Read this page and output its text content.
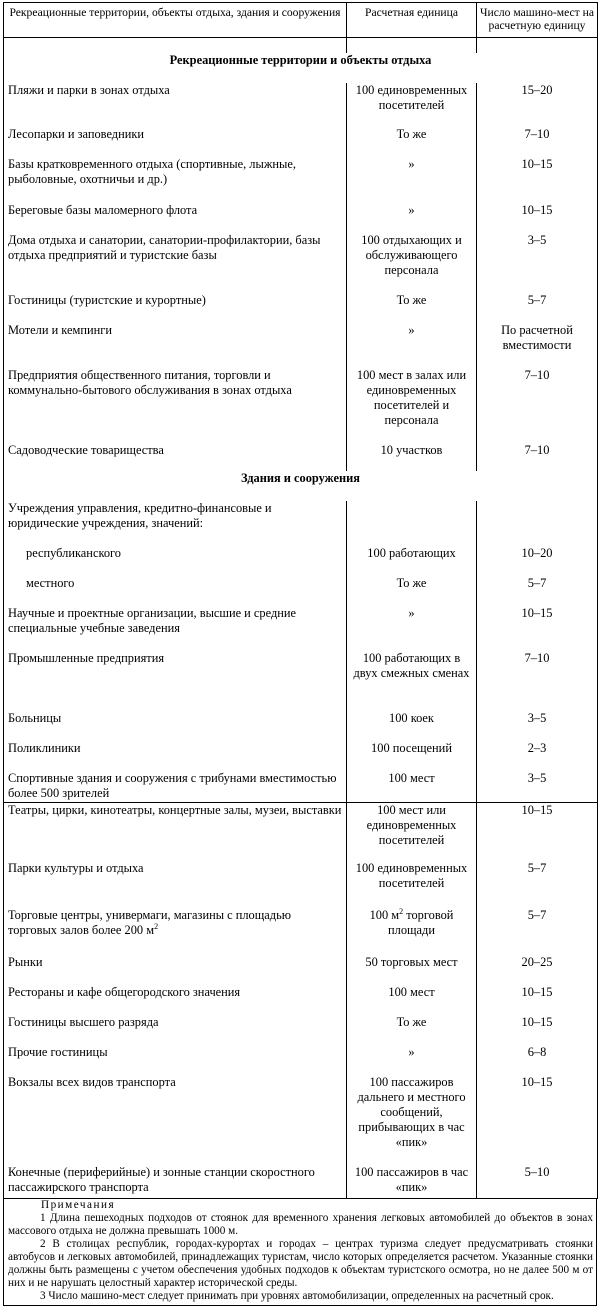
Рекреационные территории, объекты отдыха, здания и сооружения	Расчетная единица	Число машино-мест на расчетную единицу

Рекреационные территории и объекты отдыха		
Пляжи и парки в зонах отдыха	100 единовременных посетителей	15–20
Лесопарки и заповедники	То же	7–10
Базы кратковременного отдыха (спортивные, лыжные, рыболовные, охотничьи и др.)	»	10–15
Береговые базы маломерного флота	»	10–15
Дома отдыха и санатории, санатории-профилактории, базы отдыха предприятий и туристские базы	100 отдыхающих и обслуживающего персонала	3–5
Гостиницы (туристские и курортные)	То же	5–7
Мотели и кемпинги	»	По расчетной вместимости
Предприятия общественного питания, торговли и коммунально-бытового обслуживания в зонах отдыха	100 мест в залах или единовременных посетителей и персонала	7–10
Садоводческие товарищества	10 участков	7–10
Здания и сооружения		
Учреждения управления, кредитно-финансовые и юридические учреждения, значений:		
республиканского	100 работающих	10–20
местного	То же	5–7
Научные и проектные организации, высшие и средние специальные учебные заведения	»	10–15
Промышленные предприятия	100 работающих в двух смежных сменах	7–10
Больницы	100 коек	3–5
Поликлиники	100 посещений	2–3
Спортивные здания и сооружения с трибунами вместимостью более 500 зрителей	100 мест	3–5
Театры, цирки, кинотеатры, концертные залы, музеи, выставки	100 мест или единовременных посетителей	10–15
Парки культуры и отдыха	100 единовременных посетителей	5–7
Торговые центры, универмаги, магазины с площадью торговых залов более 200 $м^2$	100 $м^2$ торговой площади	5–7
Рынки	50 торговых мест	20–25
Рестораны и кафе общегородского значения	100 мест	10–15
Гостиницы высшего разряда	То же	10–15
Прочие гостиницы	»	6–8
Вокзалы всех видов транспорта	100 пассажиров дальнего и местного сообщений, прибывающих в час «пик»	10–15
Конечные (периферийные) и зонные станции скоростного пассажирского транспорта	100 пассажиров в час «пик»	5–10
Примечания

1 Длина пешеходных подходов от стоянок для временного хранения легковых автомобилей до объектов в зонах массового отдыха не должна превышать 1000 м.

2 В столицах республик, городах-курортах и городах – центрах туризма следует предусматривать стоянки автобусов и легковых автомобилей, принадлежащих туристам, число которых определяется расчетом. Указанные стоянки должны быть размещены с учетом обеспечения удобных подходов к объектам туристского осмотра, но не далее 500 м от них и не нарушать целостный характер исторической среды.

3 Число машино-мест следует принимать при уровнях автомобилизации, определенных на расчетный срок.
